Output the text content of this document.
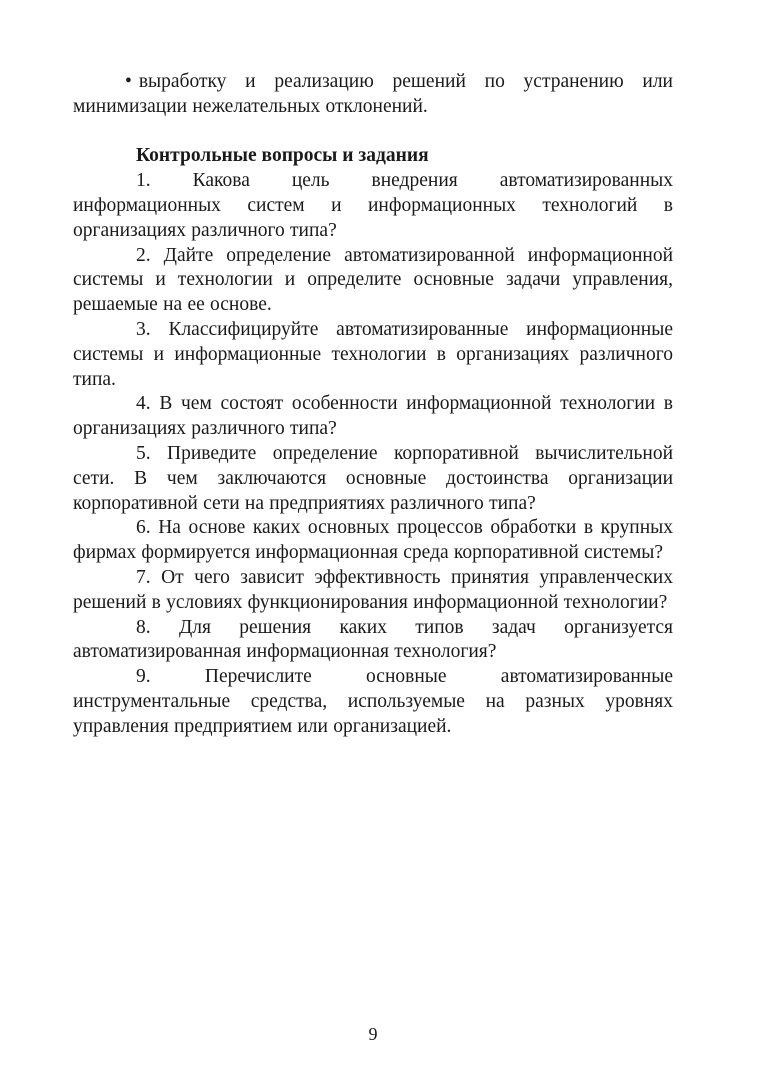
• выработку и реализацию решений по устранению или минимизации нежелательных отклонений.

Контрольные вопросы и задания

1. Какова цель внедрения автоматизированных информационных систем и информационных технологий в организациях различного типа?

2. Дайте определение автоматизированной информационной системы и технологии и определите основные задачи управления, решаемые на ее основе.

3. Классифицируйте автоматизированные информационные системы и информационные технологии в организациях различного типа.

4. В чем состоят особенности информационной технологии в организациях различного типа?

5. Приведите определение корпоративной вычислительной сети. В чем заключаются основные достоинства организации корпоративной сети на предприятиях различного типа?

6. На основе каких основных процессов обработки в крупных фирмах формируется информационная среда корпоративной системы?

7. От чего зависит эффективность принятия управленческих решений в условиях функционирования информационной технологии?

8. Для решения каких типов задач организуется автоматизированная информационная технология?

9.	Перечислите основные автоматизированные инструментальные средства, используемые на разных уровнях управления предприятием или организацией.

9
